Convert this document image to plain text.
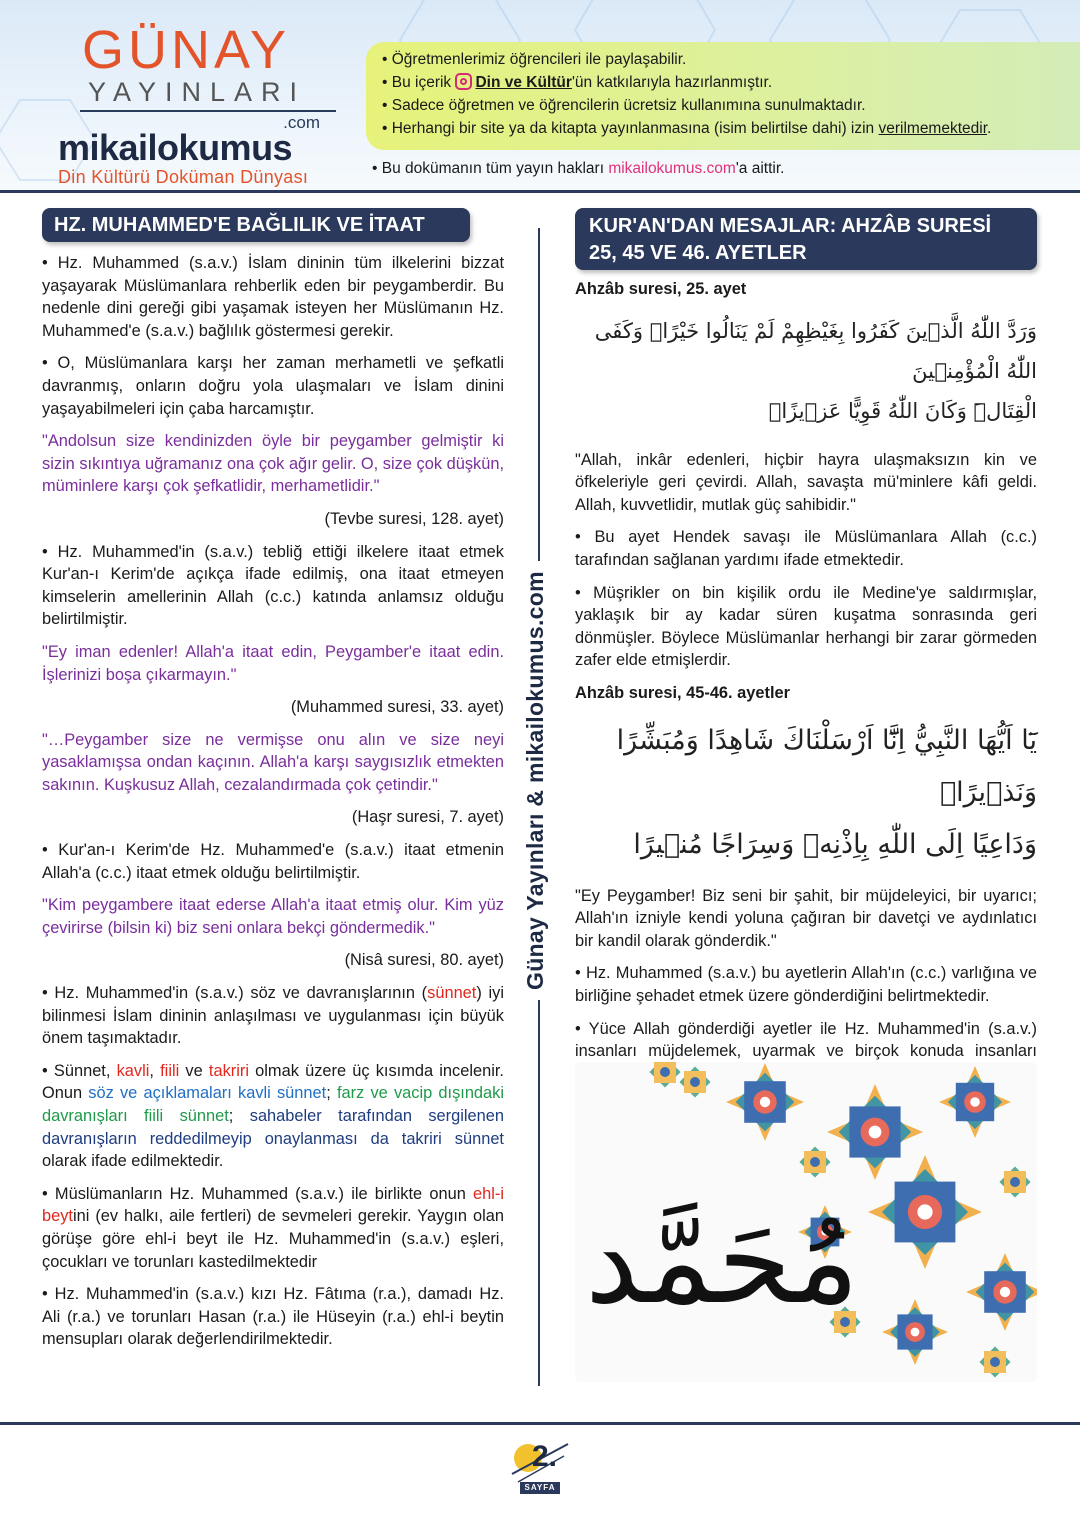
GÜNAY
YAYINLARI
.com
mikailokumus
Din Kültürü Doküman Dünyası
• Öğretmenlerimiz öğrencileri ile paylaşabilir.
• Bu içerik Din ve Kültür'ün katkılarıyla hazırlanmıştır.
• Sadece öğretmen ve öğrencilerin ücretsiz kullanımına sunulmaktadır.
• Herhangi bir site ya da kitapta yayınlanmasına (isim belirtilse dahi) izin verilmemektedir.
• Bu dokümanın tüm yayın hakları mikailokumus.com'a aittir.
HZ. MUHAMMED'E BAĞLILIK VE İTAAT

• Hz. Muhammed (s.a.v.) İslam dininin tüm ilkelerini bizzat yaşayarak Müslümanlara rehberlik eden bir peygamberdir. Bu nedenle dini gereği gibi yaşamak isteyen her Müslümanın Hz. Muhammed'e (s.a.v.) bağlılık göstermesi gerekir.

• O, Müslümanlara karşı her zaman merhametli ve şefkatli davranmış, onların doğru yola ulaşmaları ve İslam dinini yaşayabilmeleri için çaba harcamıştır.

"Andolsun size kendinizden öyle bir peygamber gelmiştir ki sizin sıkıntıya uğramanız ona çok ağır gelir. O, size çok düşkün, müminlere karşı çok şefkatlidir, merhametlidir."

(Tevbe suresi, 128. ayet)

• Hz. Muhammed'in (s.a.v.) tebliğ ettiği ilkelere itaat etmek Kur'an-ı Kerim'de açıkça ifade edilmiş, ona itaat etmeyen kimselerin amellerinin Allah (c.c.) katında anlamsız olduğu belirtilmiştir.

"Ey iman edenler! Allah'a itaat edin, Peygamber'e itaat edin. İşlerinizi boşa çıkarmayın."

(Muhammed suresi, 33. ayet)

"…Peygamber size ne vermişse onu alın ve size neyi yasaklamışsa ondan kaçının. Allah'a karşı saygısızlık etmekten sakının. Kuşkusuz Allah, cezalandırmada çok çetindir."

(Haşr suresi, 7. ayet)

• Kur'an-ı Kerim'de Hz. Muhammed'e (s.a.v.) itaat etmenin Allah'a (c.c.) itaat etmek olduğu belirtilmiştir.

"Kim peygambere itaat ederse Allah'a itaat etmiş olur. Kim yüz çevirirse (bilsin ki) biz seni onlara bekçi göndermedik."

(Nisâ suresi, 80. ayet)

• Hz. Muhammed'in (s.a.v.) söz ve davranışlarının (sünnet) iyi bilinmesi İslam dininin anlaşılması ve uygulanması için büyük önem taşımaktadır.

• Sünnet, kavli, fiili ve takriri olmak üzere üç kısımda incelenir. Onun söz ve açıklamaları kavli sünnet; farz ve vacip dışındaki davranışları fiili sünnet; sahabeler tarafından sergilenen davranışların reddedilmeyip onaylanması da takriri sünnet olarak ifade edilmektedir.

• Müslümanların Hz. Muhammed (s.a.v.) ile birlikte onun ehl-i beytini (ev halkı, aile fertleri) de sevmeleri gerekir. Yaygın olan görüşe göre ehl-i beyt ile Hz. Muhammed'in (s.a.v.) eşleri, çocukları ve torunları kastedilmektedir

• Hz. Muhammed'in (s.a.v.) kızı Hz. Fâtıma (r.a.), damadı Hz. Ali (r.a.) ve torunları Hasan (r.a.) ile Hüseyin (r.a.) ehl-i beytin mensupları olarak değerlendirilmektedir.

Günay Yayınları & mikailokumus.com
KUR'AN'DAN MESAJLAR: AHZÂB SURESİ 25, 45 VE 46. AYETLER

Ahzâb suresi, 25. ayet

وَرَدَّ اللّٰهُ الَّذ۪ينَ كَفَرُوا بِغَيْظِهِمْ لَمْ يَنَالُوا خَيْرًاۜ وَكَفَى اللّٰهُ الْمُؤْمِن۪ينَ
الْقِتَالَۜ وَكَانَ اللّٰهُ قَوِيًّا عَز۪يزًاۚ

"Allah, inkâr edenleri, hiçbir hayra ulaşmaksızın kin ve öfkeleriyle geri çevirdi. Allah, savaşta mü'minlere kâfi geldi. Allah, kuvvetlidir, mutlak güç sahibidir."

• Bu ayet Hendek savaşı ile Müslümanlara Allah (c.c.) tarafından sağlanan yardımı ifade etmektedir.

• Müşrikler on bin kişilik ordu ile Medine'ye saldırmışlar, yaklaşık bir ay kadar süren kuşatma sonrasında geri dönmüşler. Böylece Müslümanlar herhangi bir zarar görmeden zafer elde etmişlerdir.

Ahzâb suresi, 45-46. ayetler

يَٓا اَيُّهَا النَّبِيُّ اِنَّٓا اَرْسَلْنَاكَ شَاهِدًا وَمُبَشِّرًا وَنَذ۪يرًاۙ
وَدَاعِيًا اِلَى اللّٰهِ بِاِذْنِه۪ وَسِرَاجًا مُن۪يرًا

"Ey Peygamber! Biz seni bir şahit, bir müjdeleyici, bir uyarıcı; Allah'ın izniyle kendi yoluna çağıran bir davetçi ve aydınlatıcı bir kandil olarak gönderdik."

• Hz. Muhammed (s.a.v.) bu ayetlerin Allah'ın (c.c.) varlığına ve birliğine şehadet etmek üzere gönderdiğini belirtmektedir.

• Yüce Allah gönderdiği ayetler ile Hz. Muhammed'in (s.a.v.) insanları müjdelemek, uyarmak ve birçok konuda insanları

مُحَمَّد
2.
SAYFA
